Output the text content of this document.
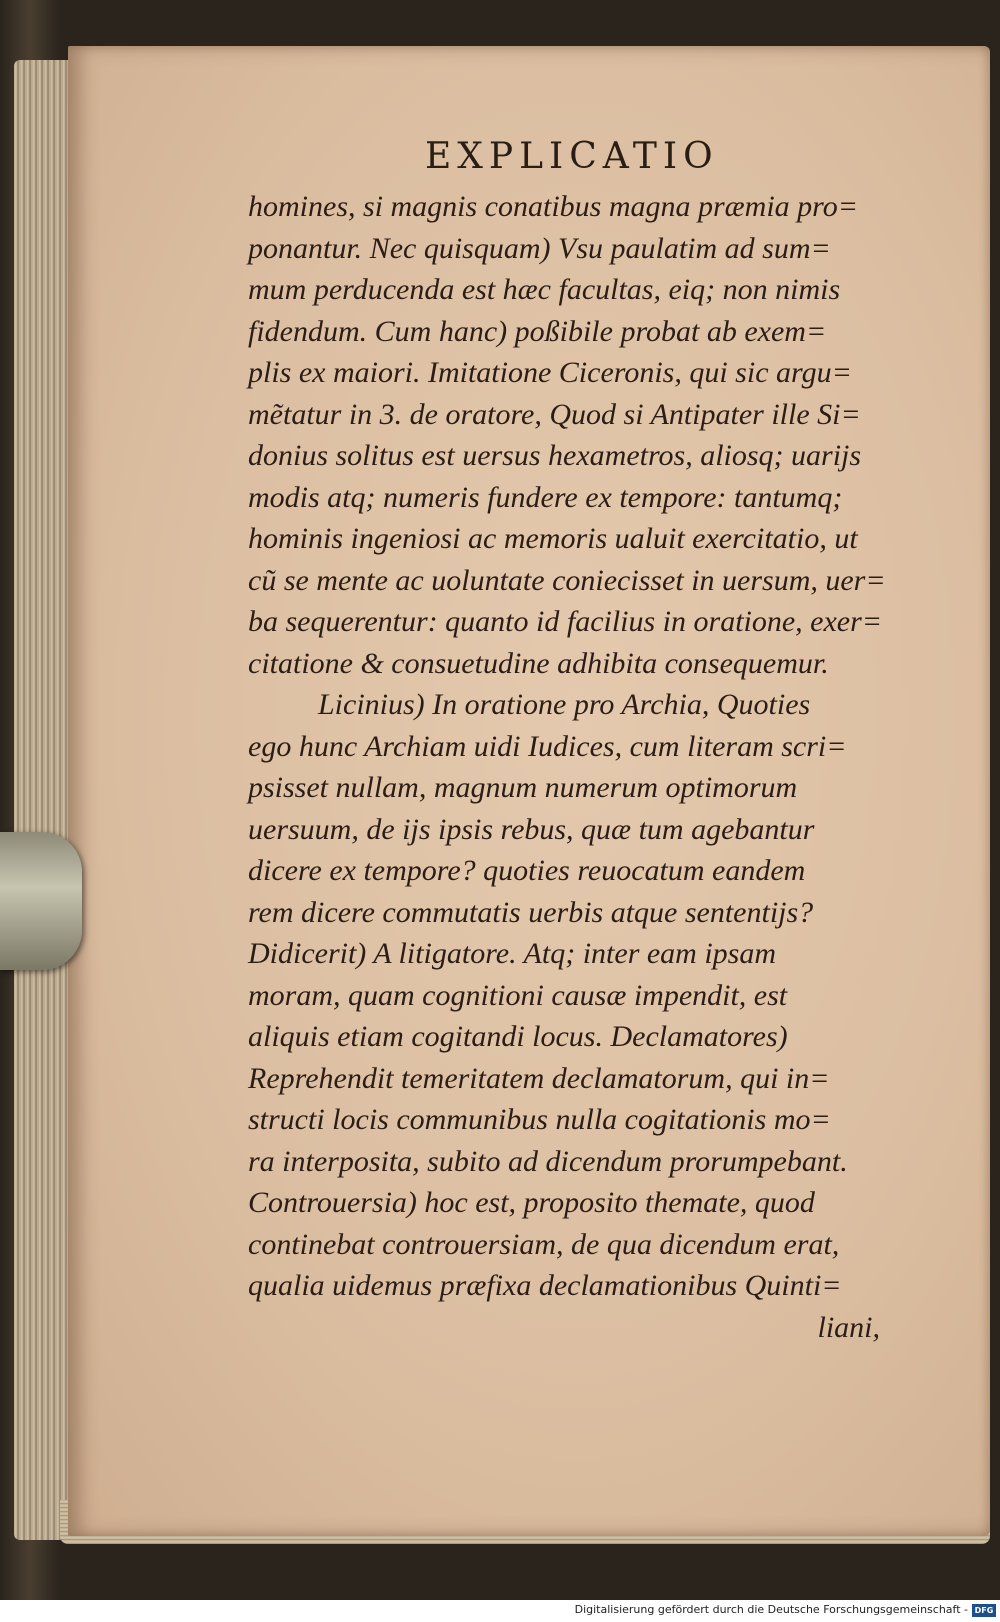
EXPLICATIO
homines, si magnis conatibus magna præmia pro=
ponantur. Nec quisquam) Vsu paulatim ad sum=
mum perducenda est hæc facultas, eiq; non nimis
fidendum. Cum hanc) poßibile probat ab exem=
plis ex maiori. Imitatione Ciceronis, qui sic argu=
mẽtatur in 3. de oratore, Quod si Antipater ille Si=
donius solitus est uersus hexametros, aliosq; uarijs
modis atq; numeris fundere ex tempore: tantumq;
hominis ingeniosi ac memoris ualuit exercitatio, ut
cũ se mente ac uoluntate coniecisset in uersum, uer=
ba sequerentur: quanto id facilius in oratione, exer=
citatione & consuetudine adhibita consequemur.
Licinius) In oratione pro Archia, Quoties
ego hunc Archiam uidi Iudices, cum literam scri=
psisset nullam, magnum numerum optimorum
uersuum, de ijs ipsis rebus, quæ tum agebantur
dicere ex tempore? quoties reuocatum eandem
rem dicere commutatis uerbis atque sententijs?
Didicerit) A litigatore. Atq; inter eam ipsam
moram, quam cognitioni causæ impendit, est
aliquis etiam cogitandi locus. Declamatores)
Reprehendit temeritatem declamatorum, qui in=
structi locis communibus nulla cogitationis mo=
ra interposita, subito ad dicendum prorumpebant.
Controuersia) hoc est, proposito themate, quod
continebat controuersiam, de qua dicendum erat,
qualia uidemus præfixa declamationibus Quinti=
liani,
Digitalisierung gefördert durch die Deutsche Forschungsgemeinschaft - DFG
